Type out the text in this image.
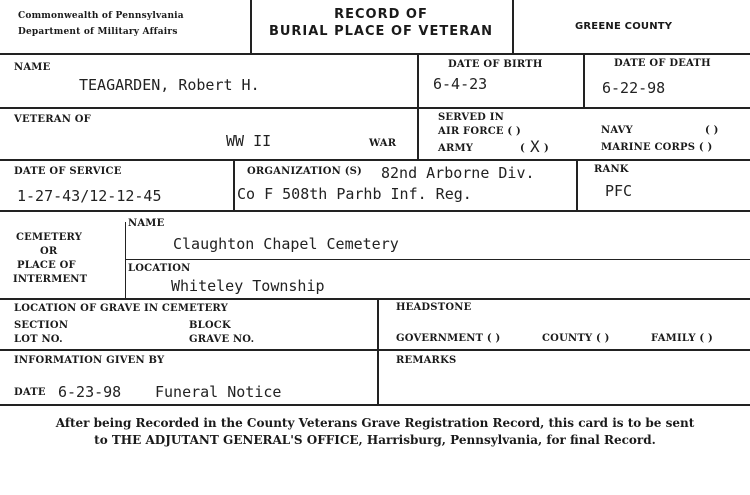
Commonwealth of Pennsylvania
Department of Military Affairs
RECORD OF
BURIAL PLACE OF VETERAN	GREENE COUNTY
NAME
TEAGARDEN, Robert H.
DATE OF BIRTH
6-4-23
DATE OF DEATH
6-22-98
VETERAN OF
WW II	WAR
SERVED IN
AIR FORCE ( )
ARMY	( X )
NAVY	( )
MARINE CORPS ( )
DATE OF SERVICE
1-27-43/12-12-45
ORGANIZATION (S) 82nd Arborne Div.
Co F 508th Parhb Inf. Reg.
RANK
PFC
CEMETERY
OR
PLACE OF
INTERMENT
NAME
Claughton Chapel Cemetery
LOCATION
Whiteley Township
LOCATION OF GRAVE IN CEMETERY
SECTION
LOT NO.
BLOCK
GRAVE NO.
HEADSTONE
GOVERNMENT ( )	COUNTY ( )	FAMILY ( )
INFORMATION GIVEN BY
DATE 6-23-98 Funeral Notice
REMARKS
After being Recorded in the County Veterans Grave Registration Record, this card is to be sent
to THE ADJUTANT GENERAL'S OFFICE, Harrisburg, Pennsylvania, for final Record.
